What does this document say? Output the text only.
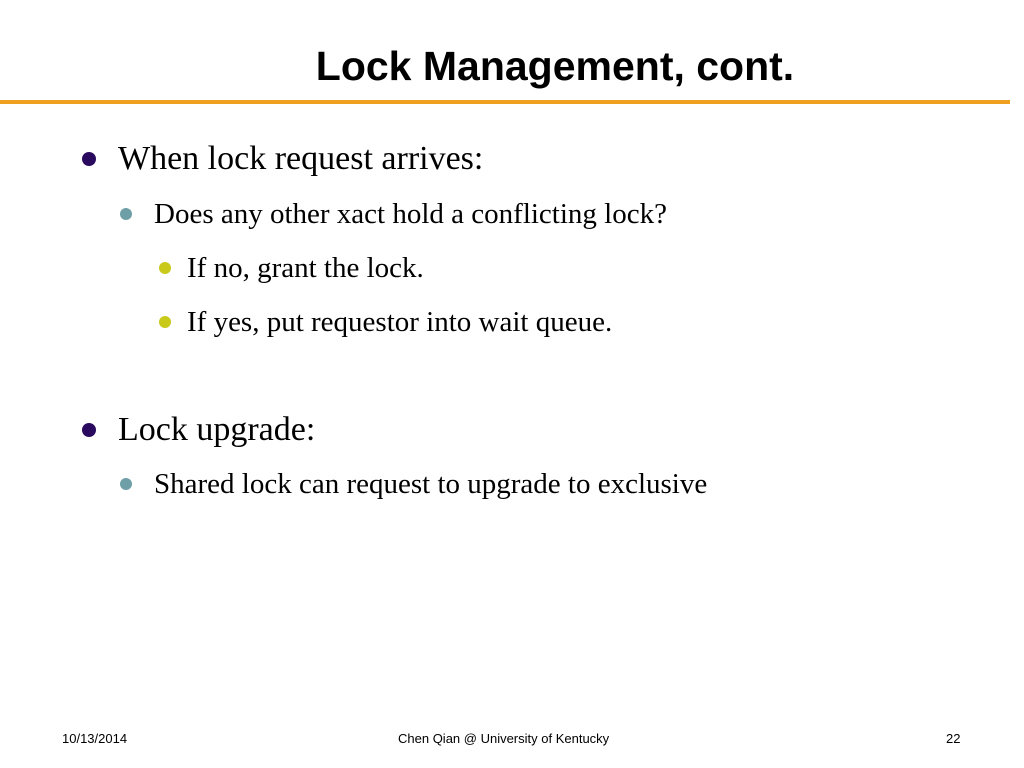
Lock Management, cont.
When lock request arrives:
Does any other xact hold a conflicting lock?
If no, grant the lock.
If yes, put requestor into wait queue.
Lock upgrade:
Shared lock can request to upgrade to exclusive
10/13/2014	Chen Qian @ University of Kentucky	22
